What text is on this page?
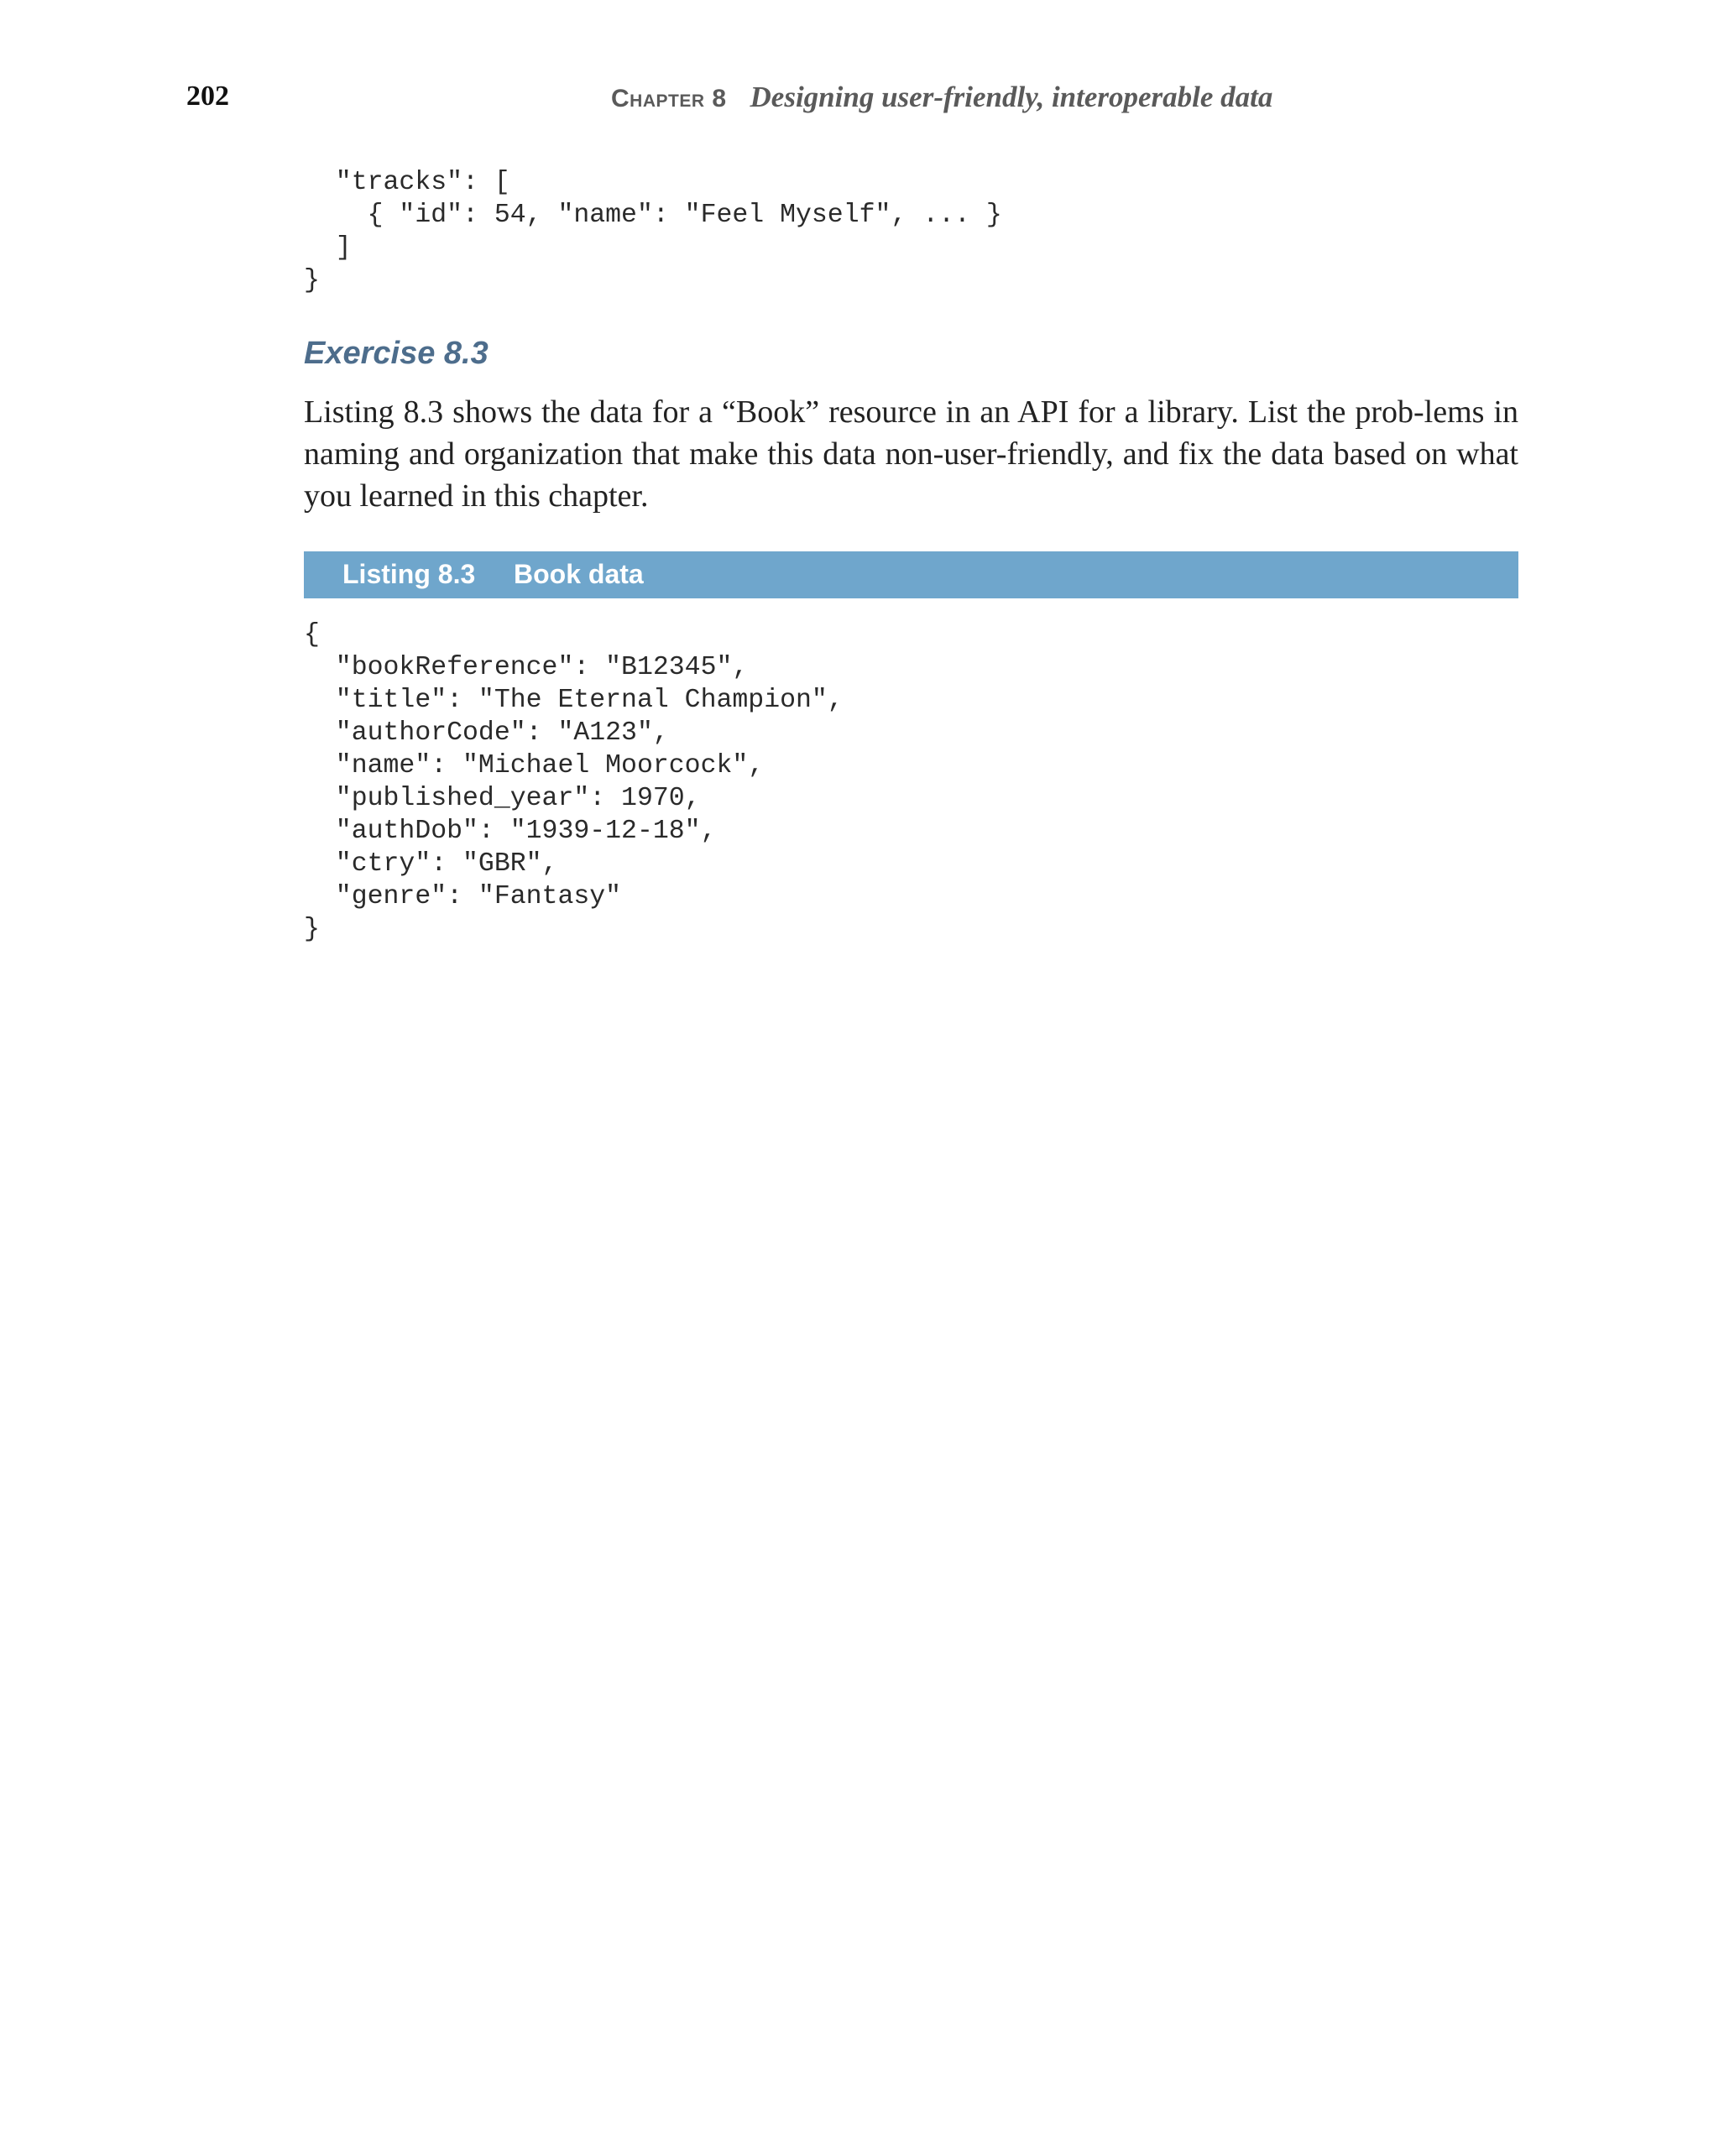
202	Chapter 8 Designing user-friendly, interoperable data
"tracks": [
{ "id": 54, "name": "Feel Myself", ... }
]
}
Exercise 8.3
Listing 8.3 shows the data for a “Book” resource in an API for a library. List the prob-lems in naming and organization that make this data non-user-friendly, and fix the data based on what you learned in this chapter.
Listing 8.3 Book data
{
"bookReference": "B12345",
"title": "The Eternal Champion",
"authorCode": "A123",
"name": "Michael Moorcock",
"published_year": 1970,
"authDob": "1939-12-18",
"ctry": "GBR",
"genre": "Fantasy"
}
